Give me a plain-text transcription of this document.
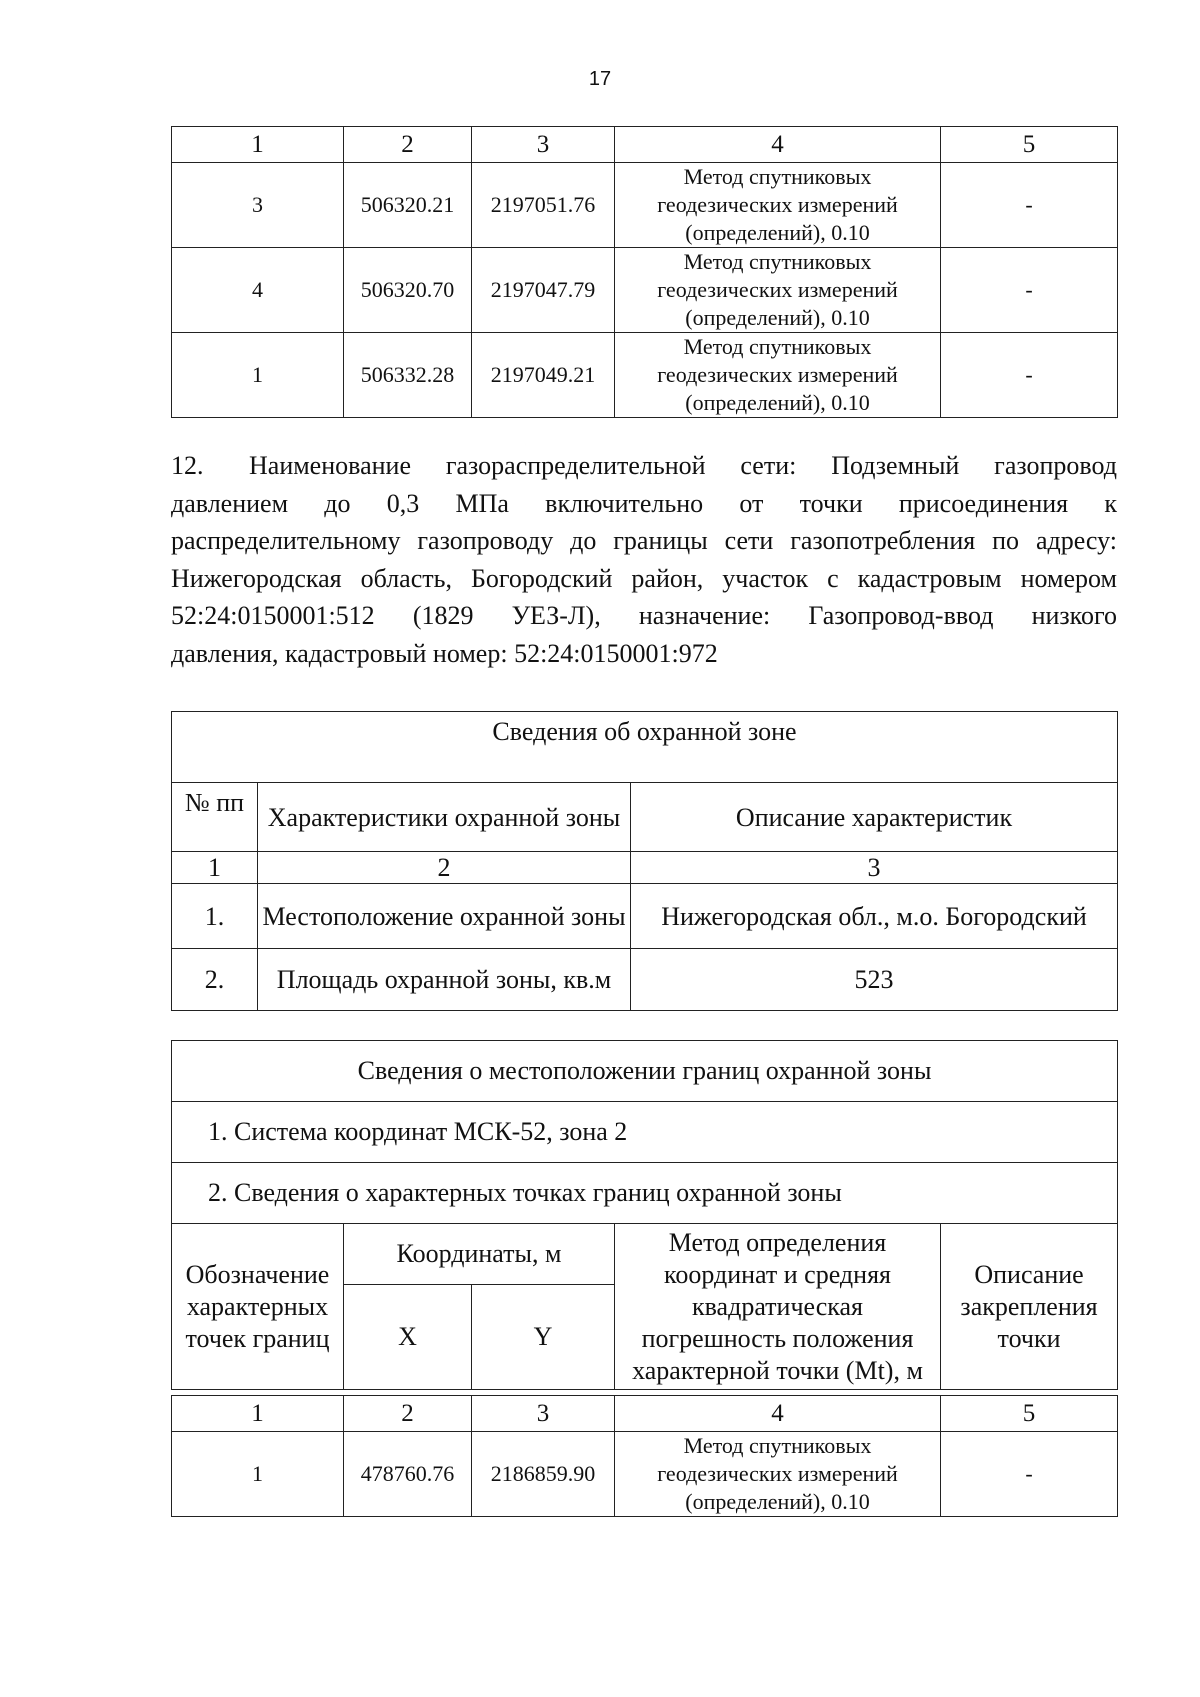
17
1	2	3	4	5
3	506320.21	2197051.76	Метод спутниковых
геодезических измерений
(определений), 0.10	-
4	506320.70	2197047.79	Метод спутниковых
геодезических измерений
(определений), 0.10	-
1	506332.28	2197049.21	Метод спутниковых
геодезических измерений
(определений), 0.10	-
12. Наименование газораспределительной сети: Подземный газопровод
давлением до 0,3 МПа включительно от точки присоединения к
распределительному газопроводу до границы сети газопотребления по адресу:
Нижегородская область, Богородский район, участок с кадастровым номером
52:24:0150001:512 (1829 УЕЗ-Л), назначение: Газопровод-ввод низкого
давления, кадастровый номер: 52:24:0150001:972
Сведения об охранной зоне		
№ пп	Характеристики охранной зоны	Описание характеристик
1	2	3
1.	Местоположение охранной зоны	Нижегородская обл., м.о. Богородский
2.	Площадь охранной зоны, кв.м	523
Сведения о местоположении границ охранной зоны				
1. Система координат МСК-52, зона 2				
2. Сведения о характерных точках границ охранной зоны				
Обозначение характерных точек границ	Координаты, м		Метод определения координат и средняя квадратическая погрешность положения характерной точки (Mt), м	Описание закрепления точки
	X	Y		
1	2	3	4	5
1	478760.76	2186859.90	Метод спутниковых
геодезических измерений
(определений), 0.10	-
